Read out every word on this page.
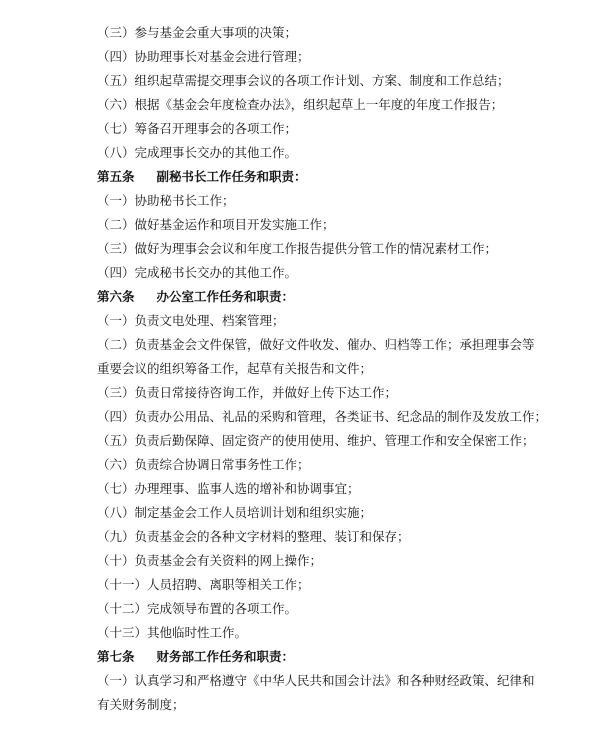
（三）参与基金会重大事项的决策；
（四）协助理事长对基金会进行管理；
（五）组织起草需提交理事会议的各项工作计划、方案、制度和工作总结；
（六）根据《基金会年度检查办法》，组织起草上一年度的年度工作报告；
（七）筹备召开理事会的各项工作；
（八）完成理事长交办的其他工作。
第五条 副秘书长工作任务和职责：
（一）协助秘书长工作；
（二）做好基金运作和项目开发实施工作；
（三）做好为理事会会议和年度工作报告提供分管工作的情况素材工作；
（四）完成秘书长交办的其他工作。
第六条 办公室工作任务和职责：
（一）负责文电处理、档案管理；
（二）负责基金会文件保管，做好文件收发、催办、归档等工作；承担理事会等
重要会议的组织筹备工作，起草有关报告和文件；
（三）负责日常接待咨询工作，并做好上传下达工作；
（四）负责办公用品、礼品的采购和管理，各类证书、纪念品的制作及发放工作；
（五）负责后勤保障、固定资产的使用使用、维护、管理工作和安全保密工作；
（六）负责综合协调日常事务性工作；
（七）办理理事、监事人选的增补和协调事宜；
（八）制定基金会工作人员培训计划和组织实施；
（九）负责基金会的各种文字材料的整理、装订和保存；
（十）负责基金会有关资料的网上操作；
（十一）人员招聘、离职等相关工作；
（十二）完成领导布置的各项工作。
（十三）其他临时性工作。
第七条 财务部工作任务和职责：
（一）认真学习和严格遵守《中华人民共和国会计法》和各种财经政策、纪律和
有关财务制度；
